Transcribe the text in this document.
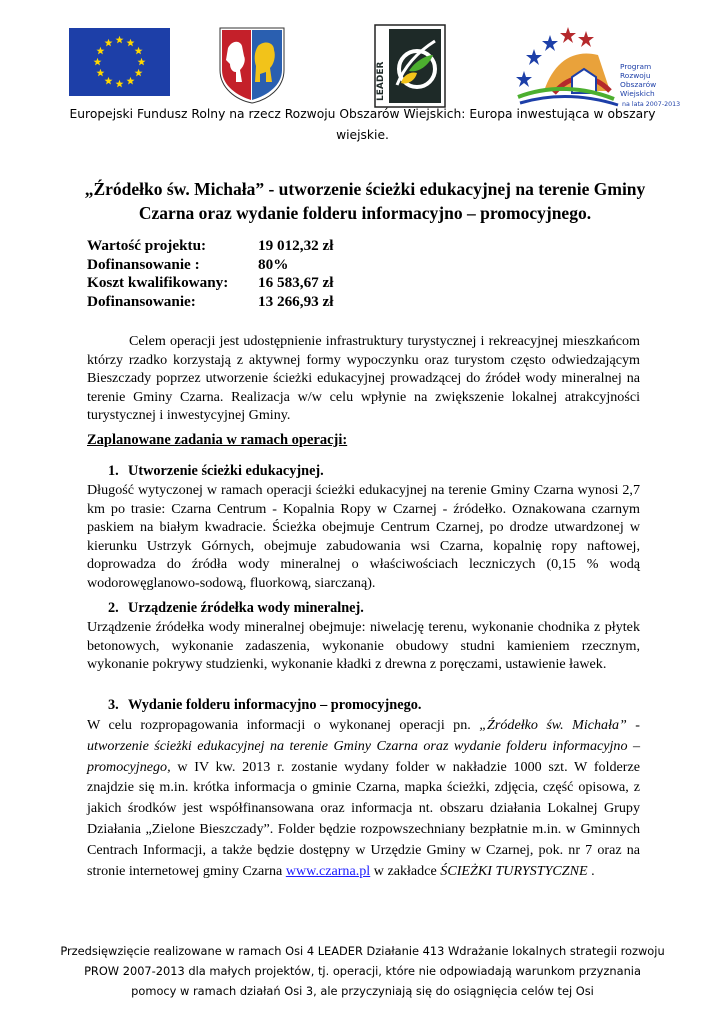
LEADER	Program
Rozwoju
Obszarów
Wiejskich
na lata 2007-2013
Europejski Fundusz Rolny na rzecz Rozwoju Obszarów Wiejskich: Europa inwestująca w obszary wiejskie.
„Źródełko św. Michała” - utworzenie ścieżki edukacyjnej na terenie Gminy Czarna oraz wydanie folderu informacyjno – promocyjnego.
Wartość projektu:	19 012,32 zł
Dofinansowanie :	80%
Koszt kwalifikowany:	16 583,67 zł
Dofinansowanie:	13 266,93 zł
Celem operacji jest udostępnienie infrastruktury turystycznej i rekreacyjnej mieszkańcom którzy rzadko korzystają z aktywnej formy wypoczynku oraz turystom często odwiedzającym Bieszczady poprzez utworzenie ścieżki edukacyjnej prowadzącej do źródeł wody mineralnej na terenie Gminy Czarna. Realizacja w/w celu wpłynie na zwiększenie lokalnej atrakcyjności turystycznej i inwestycyjnej Gminy.
Zaplanowane zadania w ramach operacji:
1. Utworzenie ścieżki edukacyjnej.
Długość wytyczonej w ramach operacji ścieżki edukacyjnej na terenie Gminy Czarna wynosi 2,7 km po trasie: Czarna Centrum - Kopalnia Ropy w Czarnej - źródełko. Oznakowana czarnym paskiem na białym kwadracie. Ścieżka obejmuje Centrum Czarnej, po drodze utwardzonej w kierunku Ustrzyk Górnych, obejmuje zabudowania wsi Czarna, kopalnię ropy naftowej, doprowadza do źródła wody mineralnej o właściwościach leczniczych (0,15 % wodą wodorowęglanowo-sodową, fluorkową, siarczaną).
2. Urządzenie źródełka wody mineralnej.
Urządzenie źródełka wody mineralnej obejmuje: niwelację terenu, wykonanie chodnika z płytek betonowych, wykonanie zadaszenia, wykonanie obudowy studni kamieniem rzecznym, wykonanie pokrywy studzienki, wykonanie kładki z drewna z poręczami, ustawienie ławek.
3. Wydanie folderu informacyjno – promocyjnego.
W celu rozpropagowania informacji o wykonanej operacji pn. „Źródełko św. Michała” - utworzenie ścieżki edukacyjnej na terenie Gminy Czarna oraz wydanie folderu informacyjno – promocyjnego, w IV kw. 2013 r. zostanie wydany folder w nakładzie 1000 szt. W folderze znajdzie się m.in. krótka informacja o gminie Czarna, mapka ścieżki, zdjęcia, część opisowa, z jakich środków jest współfinansowana oraz informacja nt. obszaru działania Lokalnej Grupy Działania „Zielone Bieszczady”. Folder będzie rozpowszechniany bezpłatnie m.in. w Gminnych Centrach Informacji, a także będzie dostępny w Urzędzie Gminy w Czarnej, pok. nr 7 oraz na stronie internetowej gminy Czarna www.czarna.pl w zakładce ŚCIEŻKI TURYSTYCZNE .
Przedsięwzięcie realizowane w ramach Osi 4 LEADER Działanie 413 Wdrażanie lokalnych strategii rozwoju PROW 2007-2013 dla małych projektów, tj. operacji, które nie odpowiadają warunkom przyznania pomocy w ramach działań Osi 3, ale przyczyniają się do osiągnięcia celów tej Osi
